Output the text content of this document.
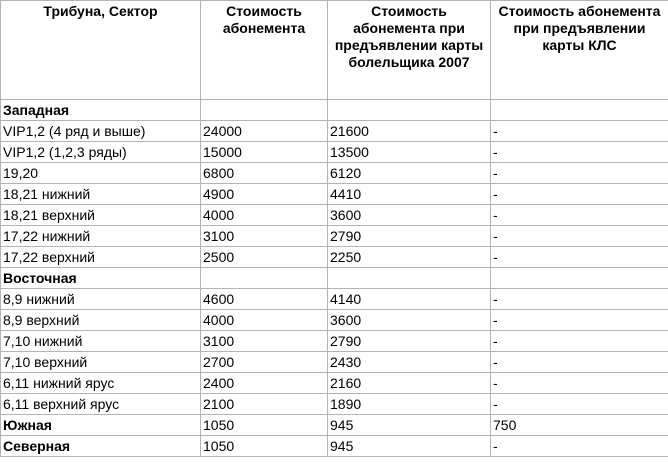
Трибуна, Сектор	Стоимость абонемента	Стоимость абонемента при предъявлении карты болельщика 2007	Стоимость абонемента при предъявлении карты КЛС
Западная			
VIP1,2 (4 ряд и выше)	24000	21600	-
VIP1,2 (1,2,3 ряды)	15000	13500	-
19,20	6800	6120	-
18,21 нижний	4900	4410	-
18,21 верхний	4000	3600	-
17,22 нижний	3100	2790	-
17,22 верхний	2500	2250	-
Восточная			
8,9 нижний	4600	4140	-
8,9 верхний	4000	3600	-
7,10 нижний	3100	2790	-
7,10 верхний	2700	2430	-
6,11 нижний ярус	2400	2160	-
6,11 верхний ярус	2100	1890	-
Южная	1050	945	750
Северная	1050	945	-
